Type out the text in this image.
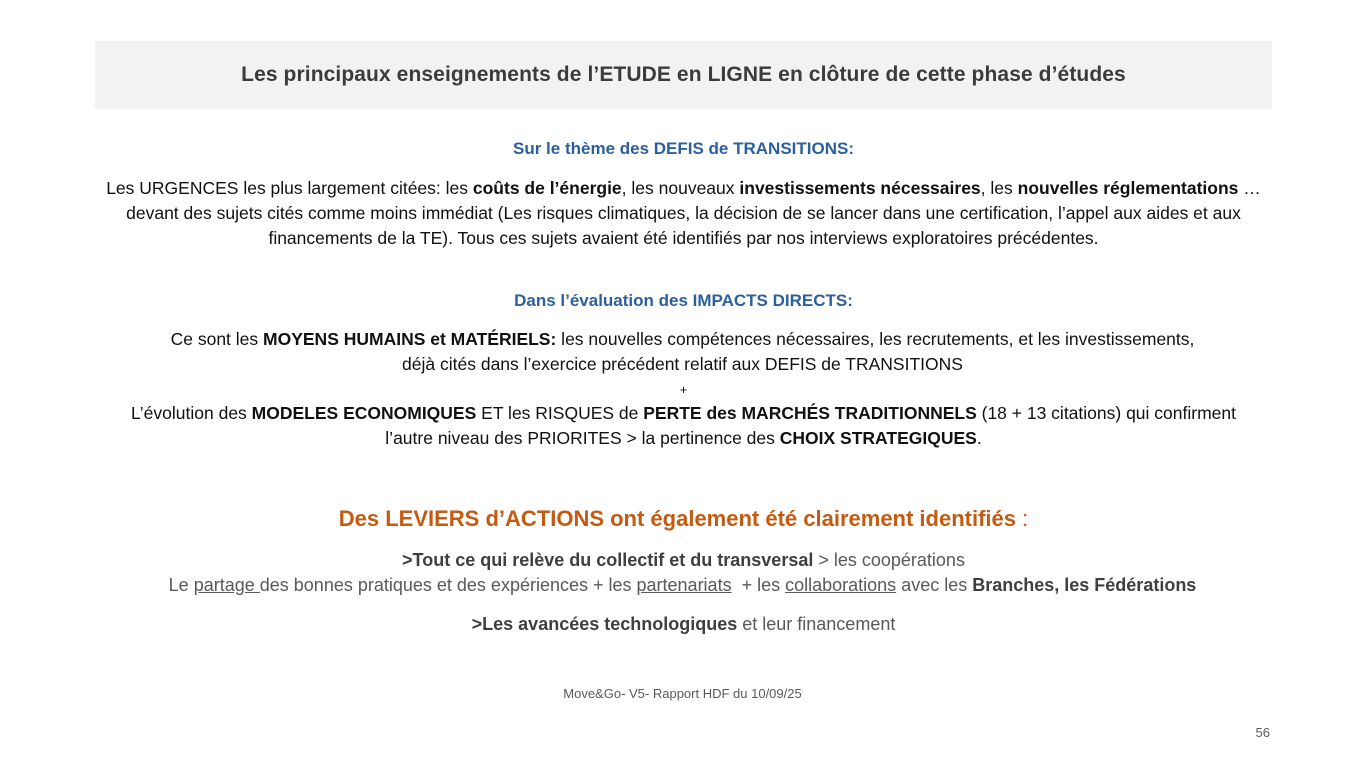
Les principaux enseignements de l’ETUDE en LIGNE en clôture de cette phase d’études
Sur le thème des DEFIS de TRANSITIONS:
Les URGENCES les plus largement citées: les coûts de l’énergie, les nouveaux investissements nécessaires, les nouvelles réglementations … devant des sujets cités comme moins immédiat (Les risques climatiques, la décision de se lancer dans une certification, l’appel aux aides et aux financements de la TE). Tous ces sujets avaient été identifiés par nos interviews exploratoires précédentes.
Dans l’évaluation des IMPACTS DIRECTS:
Ce sont les MOYENS HUMAINS et MATÉRIELS: les nouvelles compétences nécessaires, les recrutements, et les investissements, déjà cités dans l’exercice précédent relatif aux DEFIS de TRANSITIONS
+
L’évolution des MODELES ECONOMIQUES ET les RISQUES de PERTE des MARCHÉS TRADITIONNELS (18 + 13 citations) qui confirment l’autre niveau des PRIORITES > la pertinence des CHOIX STRATEGIQUES.
Des LEVIERS d’ACTIONS ont également été clairement identifiés :
>Tout ce qui relève du collectif et du transversal > les coopérations
Le partage des bonnes pratiques et des expériences + les partenariats  + les collaborations avec les Branches, les Fédérations
>Les avancées technologiques et leur financement
Move&Go- V5- Rapport HDF du 10/09/25
56
